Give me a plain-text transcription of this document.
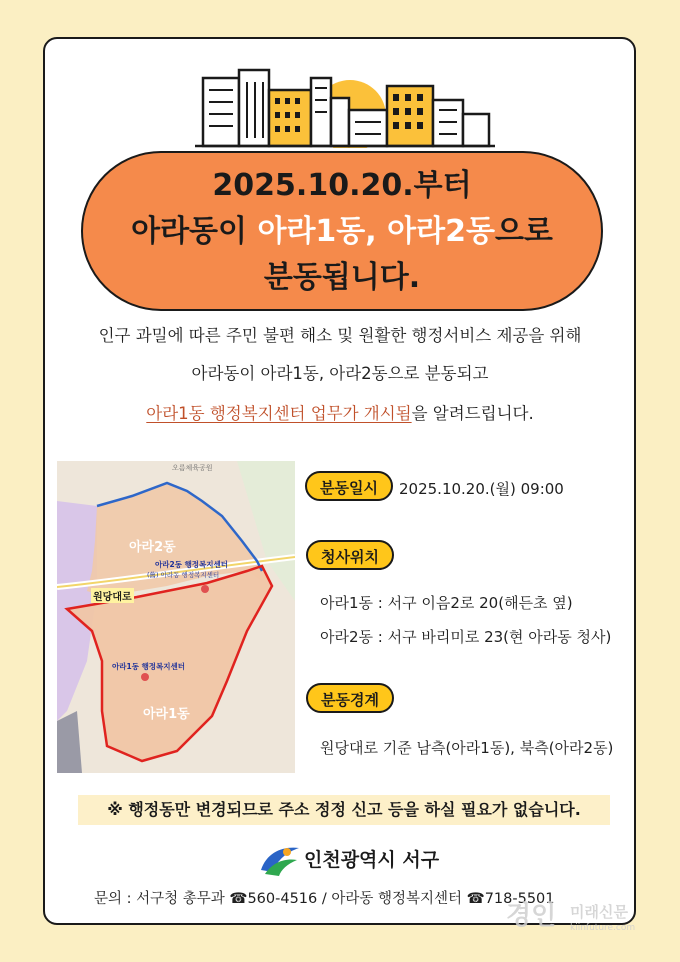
2025.10.20.부터
아라동이 아라1동, 아라2동으로
분동됩니다.
인구 과밀에 따른 주민 불편 해소 및 원활한 행정서비스 제공을 위해
아라동이 아라1동, 아라2동으로 분동되고
아라1동 행정복지센터 업무가 개시됨을 알려드립니다.
오름체육공원
아라2동
아라2동 행정복지센터
(舊) 아라동 행정복지센터
원당대로
아라1동 행정복지센터
아라1동
분동일시	2025.10.20.(월) 09:00
청사위치
아라1동 : 서구 이음2로 20(해든초 옆)
아라2동 : 서구 바리미로 23(현 아라동 청사)
분동경계
원당대로 기준 남측(아라1동), 북측(아라2동)
※ 행정동만 변경되므로 주소 정정 신고 등을 하실 필요가 없습니다.
인천광역시 서구
문의 : 서구청 총무과 ☎560-4516 / 아라동 행정복지센터 ☎718-5501
경인 미래신문
kiinfuture.com
